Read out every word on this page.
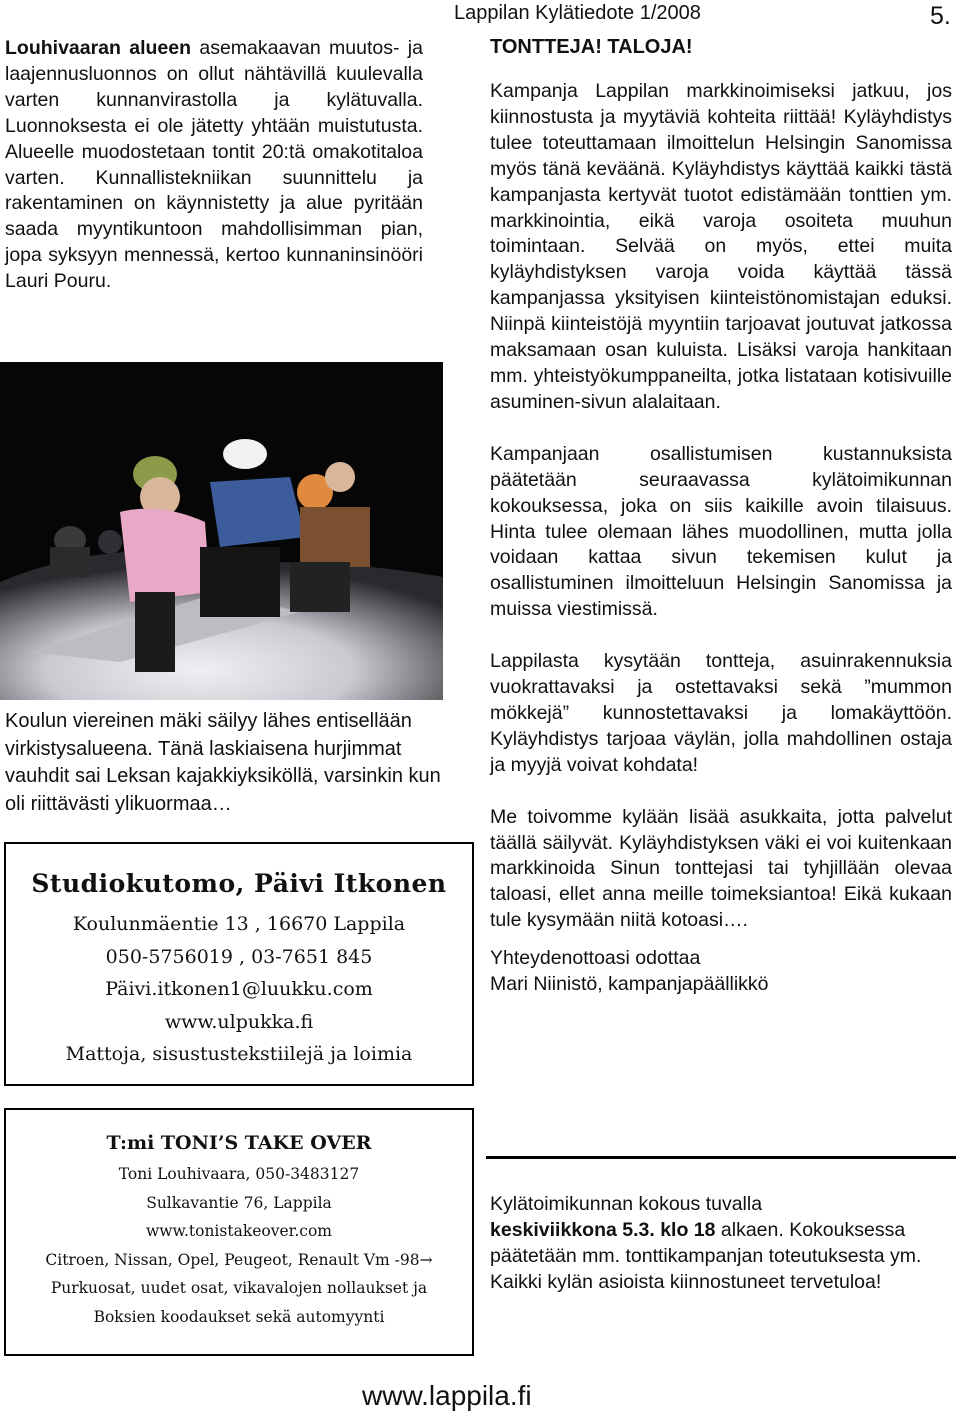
Lappilan Kylätiedote 1/2008	5.

Louhivaaran alueen asemakaavan muutos- ja laajennusluonnos on ollut nähtävillä kuulevalla varten kunnanvirastolla ja kylätuvalla. Luonnoksesta ei ole jätetty yhtään muistutusta. Alueelle muodostetaan tontit 20:tä omakotitaloa varten. Kunnallistekniikan suunnittelu ja rakentaminen on käynnistetty ja alue pyritään saada myyntikuntoon mahdollisimman pian, jopa syksyyn mennessä, kertoo kunnaninsinööri Lauri Pouru.

Koulun viereinen mäki säilyy lähes entisellään virkistysalueena. Tänä laskiaisena hurjimmat vauhdit sai Leksan kajakkiyksiköllä, varsinkin kun oli riittävästi ylikuormaa…

Studiokutomo, Päivi Itkonen
Koulunmäentie 13 , 16670 Lappila
050-5756019 , 03-7651 845
Päivi.itkonen1@luukku.com
www.ulpukka.fi
Mattoja, sisustustekstiilejä ja loimia
T:mi TONI’S TAKE OVER
Toni Louhivaara, 050-3483127
Sulkavantie 76, Lappila
www.tonistakeover.com
Citroen, Nissan, Opel, Peugeot, Renault Vm -98→
Purkuosat, uudet osat, vikavalojen nollaukset ja
Boksien koodaukset sekä automyynti
TONTTEJA! TALOJA!

Kampanja Lappilan markkinoimiseksi jatkuu, jos kiinnostusta ja myytäviä kohteita riittää! Kyläyhdistys tulee toteuttamaan ilmoittelun Helsingin Sanomissa myös tänä keväänä. Kyläyhdistys käyttää kaikki tästä kampanjasta kertyvät tuotot edistämään tonttien ym. markkinointia, eikä varoja osoiteta muuhun toimintaan. Selvää on myös, ettei muita kyläyhdistyksen varoja voida käyttää tässä kampanjassa yksityisen kiinteistönomistajan eduksi. Niinpä kiinteistöjä myyntiin tarjoavat joutuvat jatkossa maksamaan osan kuluista. Lisäksi varoja hankitaan mm. yhteistyökumppaneilta, jotka listataan kotisivuille asuminen-sivun alalaitaan.

Kampanjaan osallistumisen kustannuksista päätetään seuraavassa kylätoimikunnan kokouksessa, joka on siis kaikille avoin tilaisuus. Hinta tulee olemaan lähes muodollinen, mutta jolla voidaan kattaa sivun tekemisen kulut ja osallistuminen ilmoitteluun Helsingin Sanomissa ja muissa viestimissä.

Lappilasta kysytään tontteja, asuinrakennuksia vuokrattavaksi ja ostettavaksi sekä ”mummon mökkejä” kunnostettavaksi ja lomakäyttöön. Kyläyhdistys tarjoaa väylän, jolla mahdollinen ostaja ja myyjä voivat kohdata!

Me toivomme kylään lisää asukkaita, jotta palvelut täällä säilyvät. Kyläyhdistyksen väki ei voi kuitenkaan markkinoida Sinun tonttejasi tai tyhjillään olevaa taloasi, ellet anna meille toimeksiantoa! Eikä kukaan tule kysymään niitä kotoasi….

Yhteydenottoasi odottaa

Mari Niinistö, kampanjapäällikkö

Kylätoimikunnan kokous tuvalla
keskiviikkona 5.3. klo 18 alkaen. Kokouksessa päätetään mm. tonttikampanjan toteutuksesta ym. Kaikki kylän asioista kiinnostuneet tervetuloa!

www.lappila.fi
